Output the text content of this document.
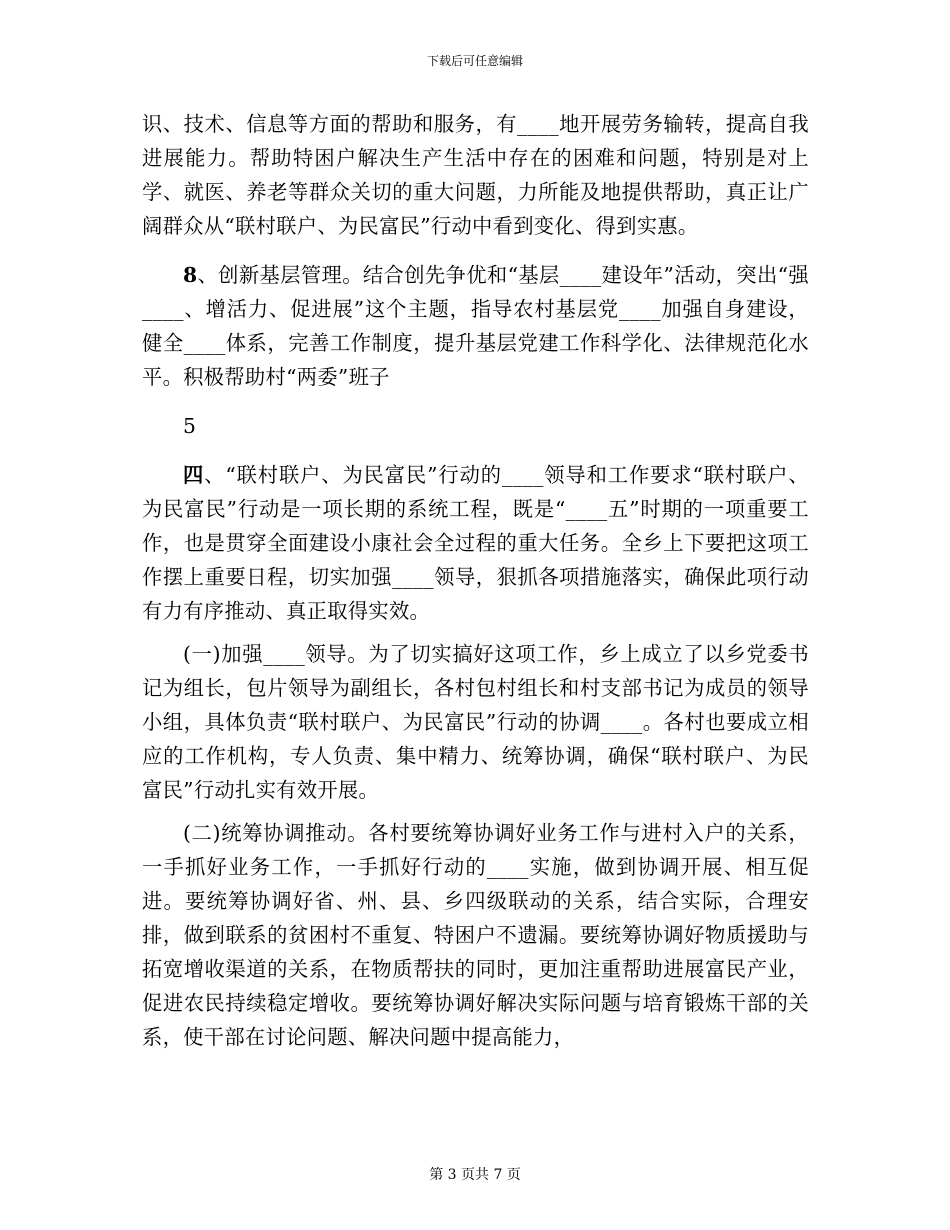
下载后可任意编辑

识、技术、信息等方面的帮助和服务，有____地开展劳务输转，提高自我进展能力。帮助特困户解决生产生活中存在的困难和问题，特别是对上学、就医、养老等群众关切的重大问题，力所能及地提供帮助，真正让广阔群众从“联村联户、为民富民”行动中看到变化、得到实惠。

8、创新基层管理。结合创先争优和“基层____建设年”活动，突出“强____、增活力、促进展”这个主题，指导农村基层党____加强自身建设，健全____体系，完善工作制度，提升基层党建工作科学化、法律规范化水平。积极帮助村“两委”班子

5

四、“联村联户、为民富民”行动的____领导和工作要求“联村联户、为民富民”行动是一项长期的系统工程，既是“____五”时期的一项重要工作，也是贯穿全面建设小康社会全过程的重大任务。全乡上下要把这项工作摆上重要日程，切实加强____领导，狠抓各项措施落实，确保此项行动有力有序推动、真正取得实效。

(一)加强____领导。为了切实搞好这项工作，乡上成立了以乡党委书记为组长，包片领导为副组长，各村包村组长和村支部书记为成员的领导小组，具体负责“联村联户、为民富民”行动的协调____。各村也要成立相应的工作机构，专人负责、集中精力、统筹协调，确保“联村联户、为民富民”行动扎实有效开展。

(二)统筹协调推动。各村要统筹协调好业务工作与进村入户的关系，一手抓好业务工作，一手抓好行动的____实施，做到协调开展、相互促进。要统筹协调好省、州、县、乡四级联动的关系，结合实际，合理安排，做到联系的贫困村不重复、特困户不遗漏。要统筹协调好物质援助与拓宽增收渠道的关系，在物质帮扶的同时，更加注重帮助进展富民产业，促进农民持续稳定增收。要统筹协调好解决实际问题与培育锻炼干部的关系，使干部在讨论问题、解决问题中提高能力，

第 3 页共 7 页
